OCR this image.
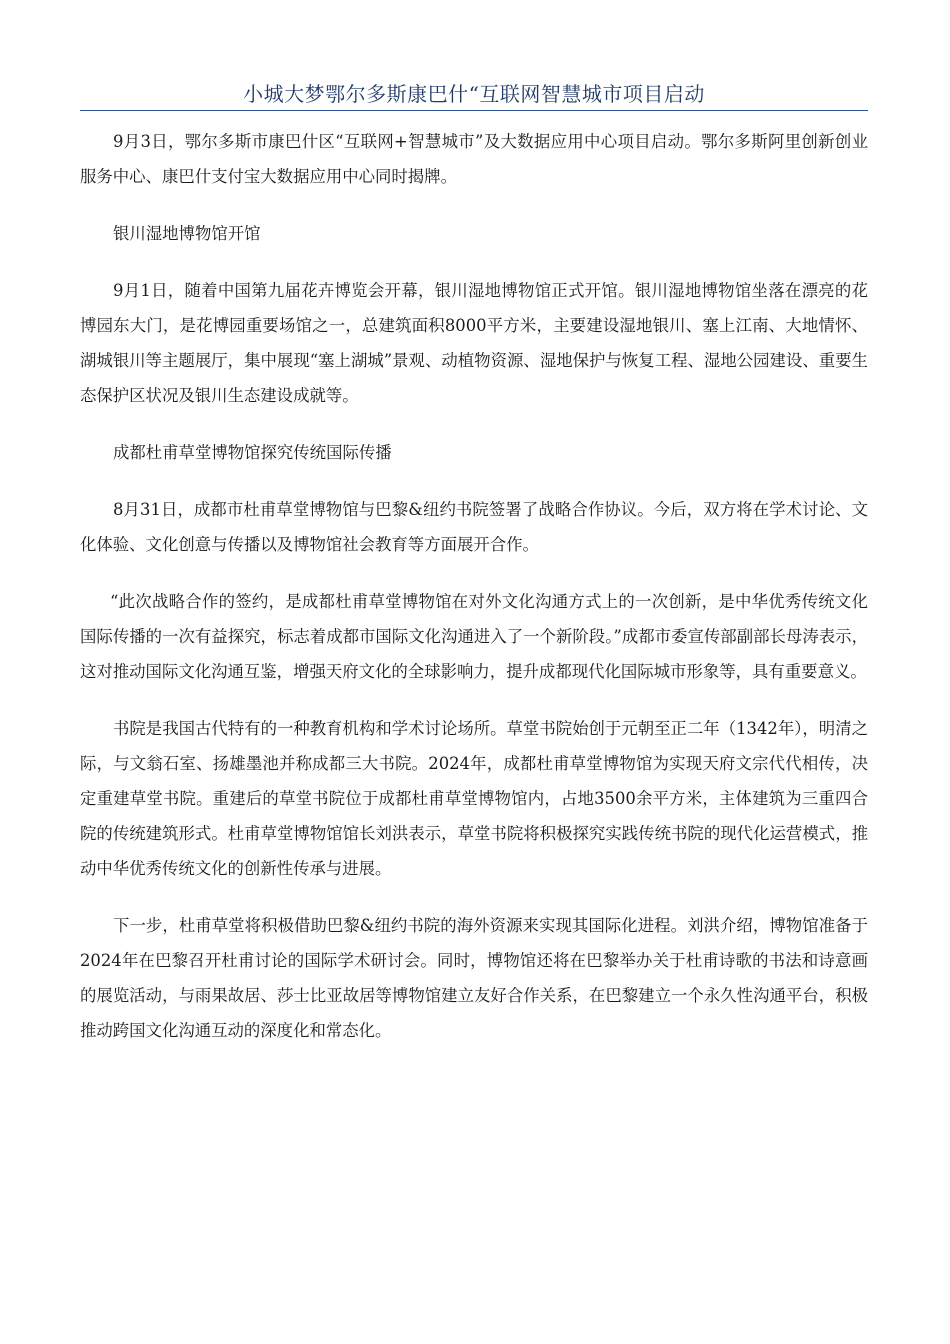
小城大梦鄂尔多斯康巴什“互联网智慧城市项目启动

9月3日，鄂尔多斯市康巴什区“互联网+智慧城市”及大数据应用中心项目启动。鄂尔多斯阿里创新创业服务中心、康巴什支付宝大数据应用中心同时揭牌。

银川湿地博物馆开馆

9月1日，随着中国第九届花卉博览会开幕，银川湿地博物馆正式开馆。银川湿地博物馆坐落在漂亮的花博园东大门，是花博园重要场馆之一，总建筑面积8000平方米，主要建设湿地银川、塞上江南、大地情怀、湖城银川等主题展厅，集中展现“塞上湖城”景观、动植物资源、湿地保护与恢复工程、湿地公园建设、重要生态保护区状况及银川生态建设成就等。

成都杜甫草堂博物馆探究传统国际传播

8月31日，成都市杜甫草堂博物馆与巴黎&纽约书院签署了战略合作协议。今后，双方将在学术讨论、文化体验、文化创意与传播以及博物馆社会教育等方面展开合作。

“此次战略合作的签约，是成都杜甫草堂博物馆在对外文化沟通方式上的一次创新，是中华优秀传统文化国际传播的一次有益探究，标志着成都市国际文化沟通进入了一个新阶段。”成都市委宣传部副部长母涛表示，这对推动国际文化沟通互鉴，增强天府文化的全球影响力，提升成都现代化国际城市形象等，具有重要意义。

书院是我国古代特有的一种教育机构和学术讨论场所。草堂书院始创于元朝至正二年（1342年），明清之际，与文翁石室、扬雄墨池并称成都三大书院。2024年，成都杜甫草堂博物馆为实现天府文宗代代相传，决定重建草堂书院。重建后的草堂书院位于成都杜甫草堂博物馆内，占地3500余平方米，主体建筑为三重四合院的传统建筑形式。杜甫草堂博物馆馆长刘洪表示，草堂书院将积极探究实践传统书院的现代化运营模式，推动中华优秀传统文化的创新性传承与进展。

下一步，杜甫草堂将积极借助巴黎&纽约书院的海外资源来实现其国际化进程。刘洪介绍，博物馆准备于2024年在巴黎召开杜甫讨论的国际学术研讨会。同时，博物馆还将在巴黎举办关于杜甫诗歌的书法和诗意画的展览活动，与雨果故居、莎士比亚故居等博物馆建立友好合作关系，在巴黎建立一个永久性沟通平台，积极推动跨国文化沟通互动的深度化和常态化。
